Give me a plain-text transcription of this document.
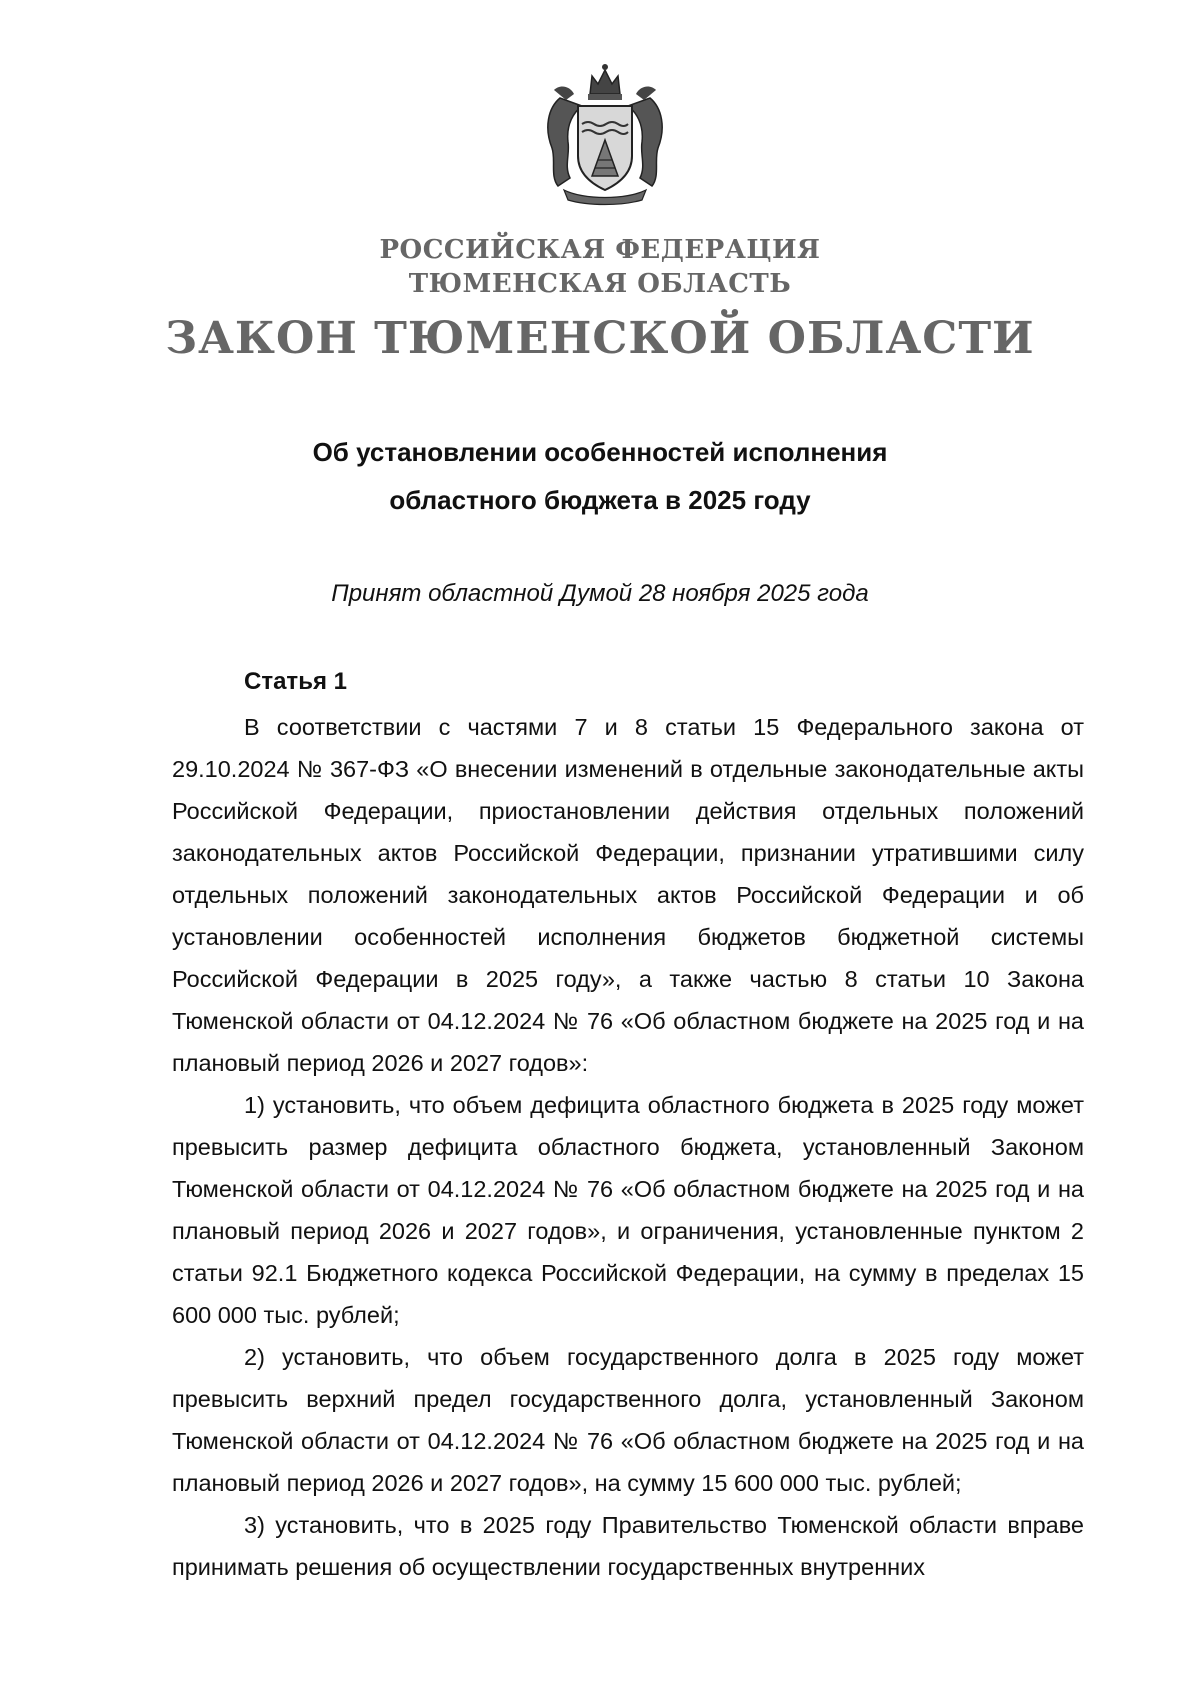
РОССИЙСКАЯ ФЕДЕРАЦИЯ
ТЮМЕНСКАЯ ОБЛАСТЬ
ЗАКОН ТЮМЕНСКОЙ ОБЛАСТИ
Об установлении особенностей исполнения
областного бюджета в 2025 году
Принят областной Думой 28 ноября 2025 года
Статья 1

В соответствии с частями 7 и 8 статьи 15 Федерального закона от 29.10.2024 № 367-ФЗ «О внесении изменений в отдельные законодательные акты Российской Федерации, приостановлении действия отдельных положений законодательных актов Российской Федерации, признании утратившими силу отдельных положений законодательных актов Российской Федерации и об установлении особенностей исполнения бюджетов бюджетной системы Российской Федерации в 2025 году», а также частью 8 статьи 10 Закона Тюменской области от 04.12.2024 № 76 «Об областном бюджете на 2025 год и на плановый период 2026 и 2027 годов»:

1) установить, что объем дефицита областного бюджета в 2025 году может превысить размер дефицита областного бюджета, установленный Законом Тюменской области от 04.12.2024 № 76 «Об областном бюджете на 2025 год и на плановый период 2026 и 2027 годов», и ограничения, установленные пунктом 2 статьи 92.1 Бюджетного кодекса Российской Федерации, на сумму в пределах 15 600 000 тыс. рублей;

2) установить, что объем государственного долга в 2025 году может превысить верхний предел государственного долга, установленный Законом Тюменской области от 04.12.2024 № 76 «Об областном бюджете на 2025 год и на плановый период 2026 и 2027 годов», на сумму 15 600 000 тыс. рублей;

3) установить, что в 2025 году Правительство Тюменской области вправе принимать решения об осуществлении государственных внутренних
